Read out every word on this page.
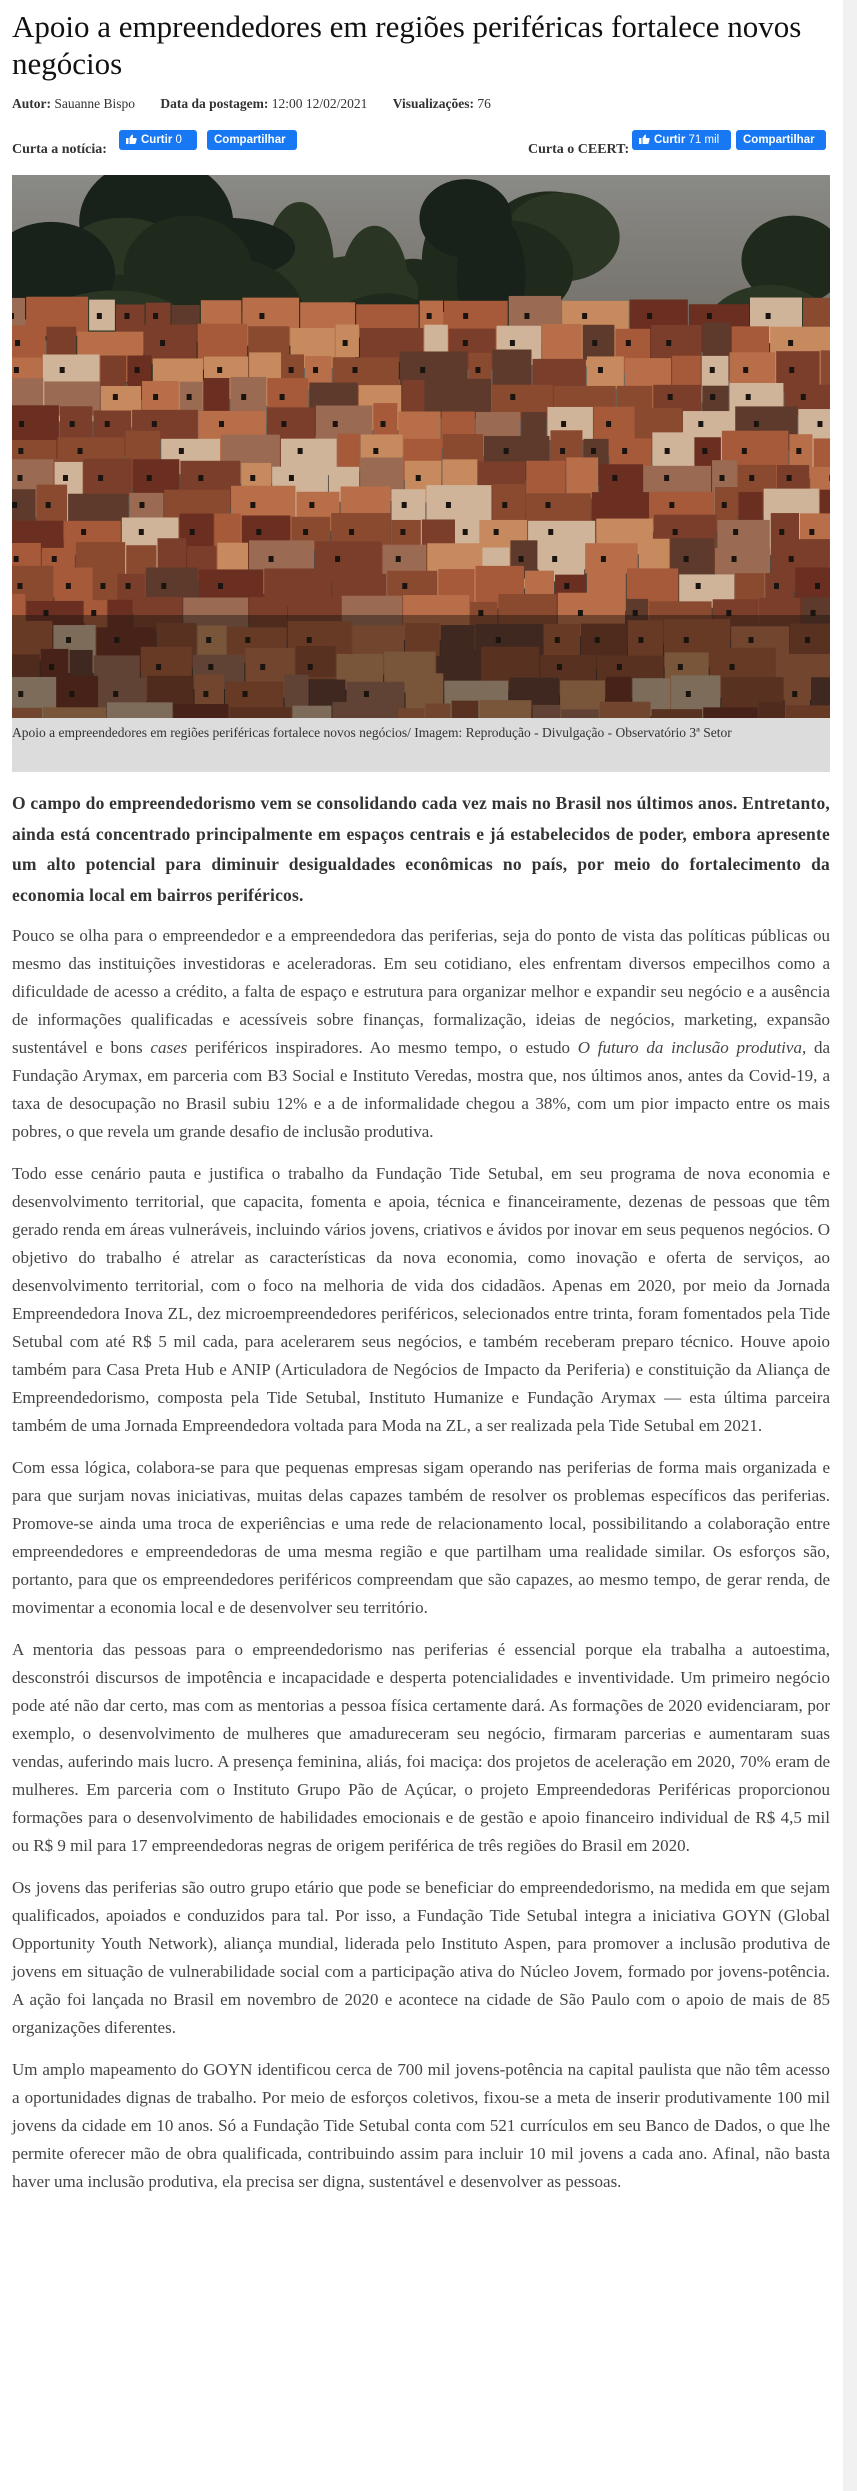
Apoio a empreendedores em regiões periféricas fortalece novos negócios
Autor: Sauanne Bispo Data da postagem: 12:00 12/02/2021 Visualizações: 76
Curta a notícia:
Curtir 0	Compartilhar
Curta o CEERT:
Curtir 71 mil	Compartilhar
Apoio a empreendedores em regiões periféricas fortalece novos negócios/ Imagem: Reprodução - Divulgação - Observatório 3ª Setor

O campo do empreendedorismo vem se consolidando cada vez mais no Brasil nos últimos anos. Entretanto, ainda está concentrado principalmente em espaços centrais e já estabelecidos de poder, embora apresente um alto potencial para diminuir desigualdades econômicas no país, por meio do fortalecimento da economia local em bairros periféricos.

Pouco se olha para o empreendedor e a empreendedora das periferias, seja do ponto de vista das políticas públicas ou mesmo das instituições investidoras e aceleradoras. Em seu cotidiano, eles enfrentam diversos empecilhos como a dificuldade de acesso a crédito, a falta de espaço e estrutura para organizar melhor e expandir seu negócio e a ausência de informações qualificadas e acessíveis sobre finanças, formalização, ideias de negócios, marketing, expansão sustentável e bons cases periféricos inspiradores. Ao mesmo tempo, o estudo O futuro da inclusão produtiva, da Fundação Arymax, em parceria com B3 Social e Instituto Veredas, mostra que, nos últimos anos, antes da Covid-19, a taxa de desocupação no Brasil subiu 12% e a de informalidade chegou a 38%, com um pior impacto entre os mais pobres, o que revela um grande desafio de inclusão produtiva.

Todo esse cenário pauta e justifica o trabalho da Fundação Tide Setubal, em seu programa de nova economia e desenvolvimento territorial, que capacita, fomenta e apoia, técnica e financeiramente, dezenas de pessoas que têm gerado renda em áreas vulneráveis, incluindo vários jovens, criativos e ávidos por inovar em seus pequenos negócios. O objetivo do trabalho é atrelar as características da nova economia, como inovação e oferta de serviços, ao desenvolvimento territorial, com o foco na melhoria de vida dos cidadãos. Apenas em 2020, por meio da Jornada Empreendedora Inova ZL, dez microempreendedores periféricos, selecionados entre trinta, foram fomentados pela Tide Setubal com até R$ 5 mil cada, para acelerarem seus negócios, e também receberam preparo técnico. Houve apoio também para Casa Preta Hub e ANIP (Articuladora de Negócios de Impacto da Periferia) e constituição da Aliança de Empreendedorismo, composta pela Tide Setubal, Instituto Humanize e Fundação Arymax — esta última parceira também de uma Jornada Empreendedora voltada para Moda na ZL, a ser realizada pela Tide Setubal em 2021.

Com essa lógica, colabora-se para que pequenas empresas sigam operando nas periferias de forma mais organizada e para que surjam novas iniciativas, muitas delas capazes também de resolver os problemas específicos das periferias. Promove-se ainda uma troca de experiências e uma rede de relacionamento local, possibilitando a colaboração entre empreendedores e empreendedoras de uma mesma região e que partilham uma realidade similar. Os esforços são, portanto, para que os empreendedores periféricos compreendam que são capazes, ao mesmo tempo, de gerar renda, de movimentar a economia local e de desenvolver seu território.

A mentoria das pessoas para o empreendedorismo nas periferias é essencial porque ela trabalha a autoestima, desconstrói discursos de impotência e incapacidade e desperta potencialidades e inventividade. Um primeiro negócio pode até não dar certo, mas com as mentorias a pessoa física certamente dará. As formações de 2020 evidenciaram, por exemplo, o desenvolvimento de mulheres que amadureceram seu negócio, firmaram parcerias e aumentaram suas vendas, auferindo mais lucro. A presença feminina, aliás, foi maciça: dos projetos de aceleração em 2020, 70% eram de mulheres. Em parceria com o Instituto Grupo Pão de Açúcar, o projeto Empreendedoras Periféricas proporcionou formações para o desenvolvimento de habilidades emocionais e de gestão e apoio financeiro individual de R$ 4,5 mil ou R$ 9 mil para 17 empreendedoras negras de origem periférica de três regiões do Brasil em 2020.

Os jovens das periferias são outro grupo etário que pode se beneficiar do empreendedorismo, na medida em que sejam qualificados, apoiados e conduzidos para tal. Por isso, a Fundação Tide Setubal integra a iniciativa GOYN (Global Opportunity Youth Network), aliança mundial, liderada pelo Instituto Aspen, para promover a inclusão produtiva de jovens em situação de vulnerabilidade social com a participação ativa do Núcleo Jovem, formado por jovens-potência. A ação foi lançada no Brasil em novembro de 2020 e acontece na cidade de São Paulo com o apoio de mais de 85 organizações diferentes.

Um amplo mapeamento do GOYN identificou cerca de 700 mil jovens-potência na capital paulista que não têm acesso a oportunidades dignas de trabalho. Por meio de esforços coletivos, fixou-se a meta de inserir produtivamente 100 mil jovens da cidade em 10 anos. Só a Fundação Tide Setubal conta com 521 currículos em seu Banco de Dados, o que lhe permite oferecer mão de obra qualificada, contribuindo assim para incluir 10 mil jovens a cada ano. Afinal, não basta haver uma inclusão produtiva, ela precisa ser digna, sustentável e desenvolver as pessoas.
